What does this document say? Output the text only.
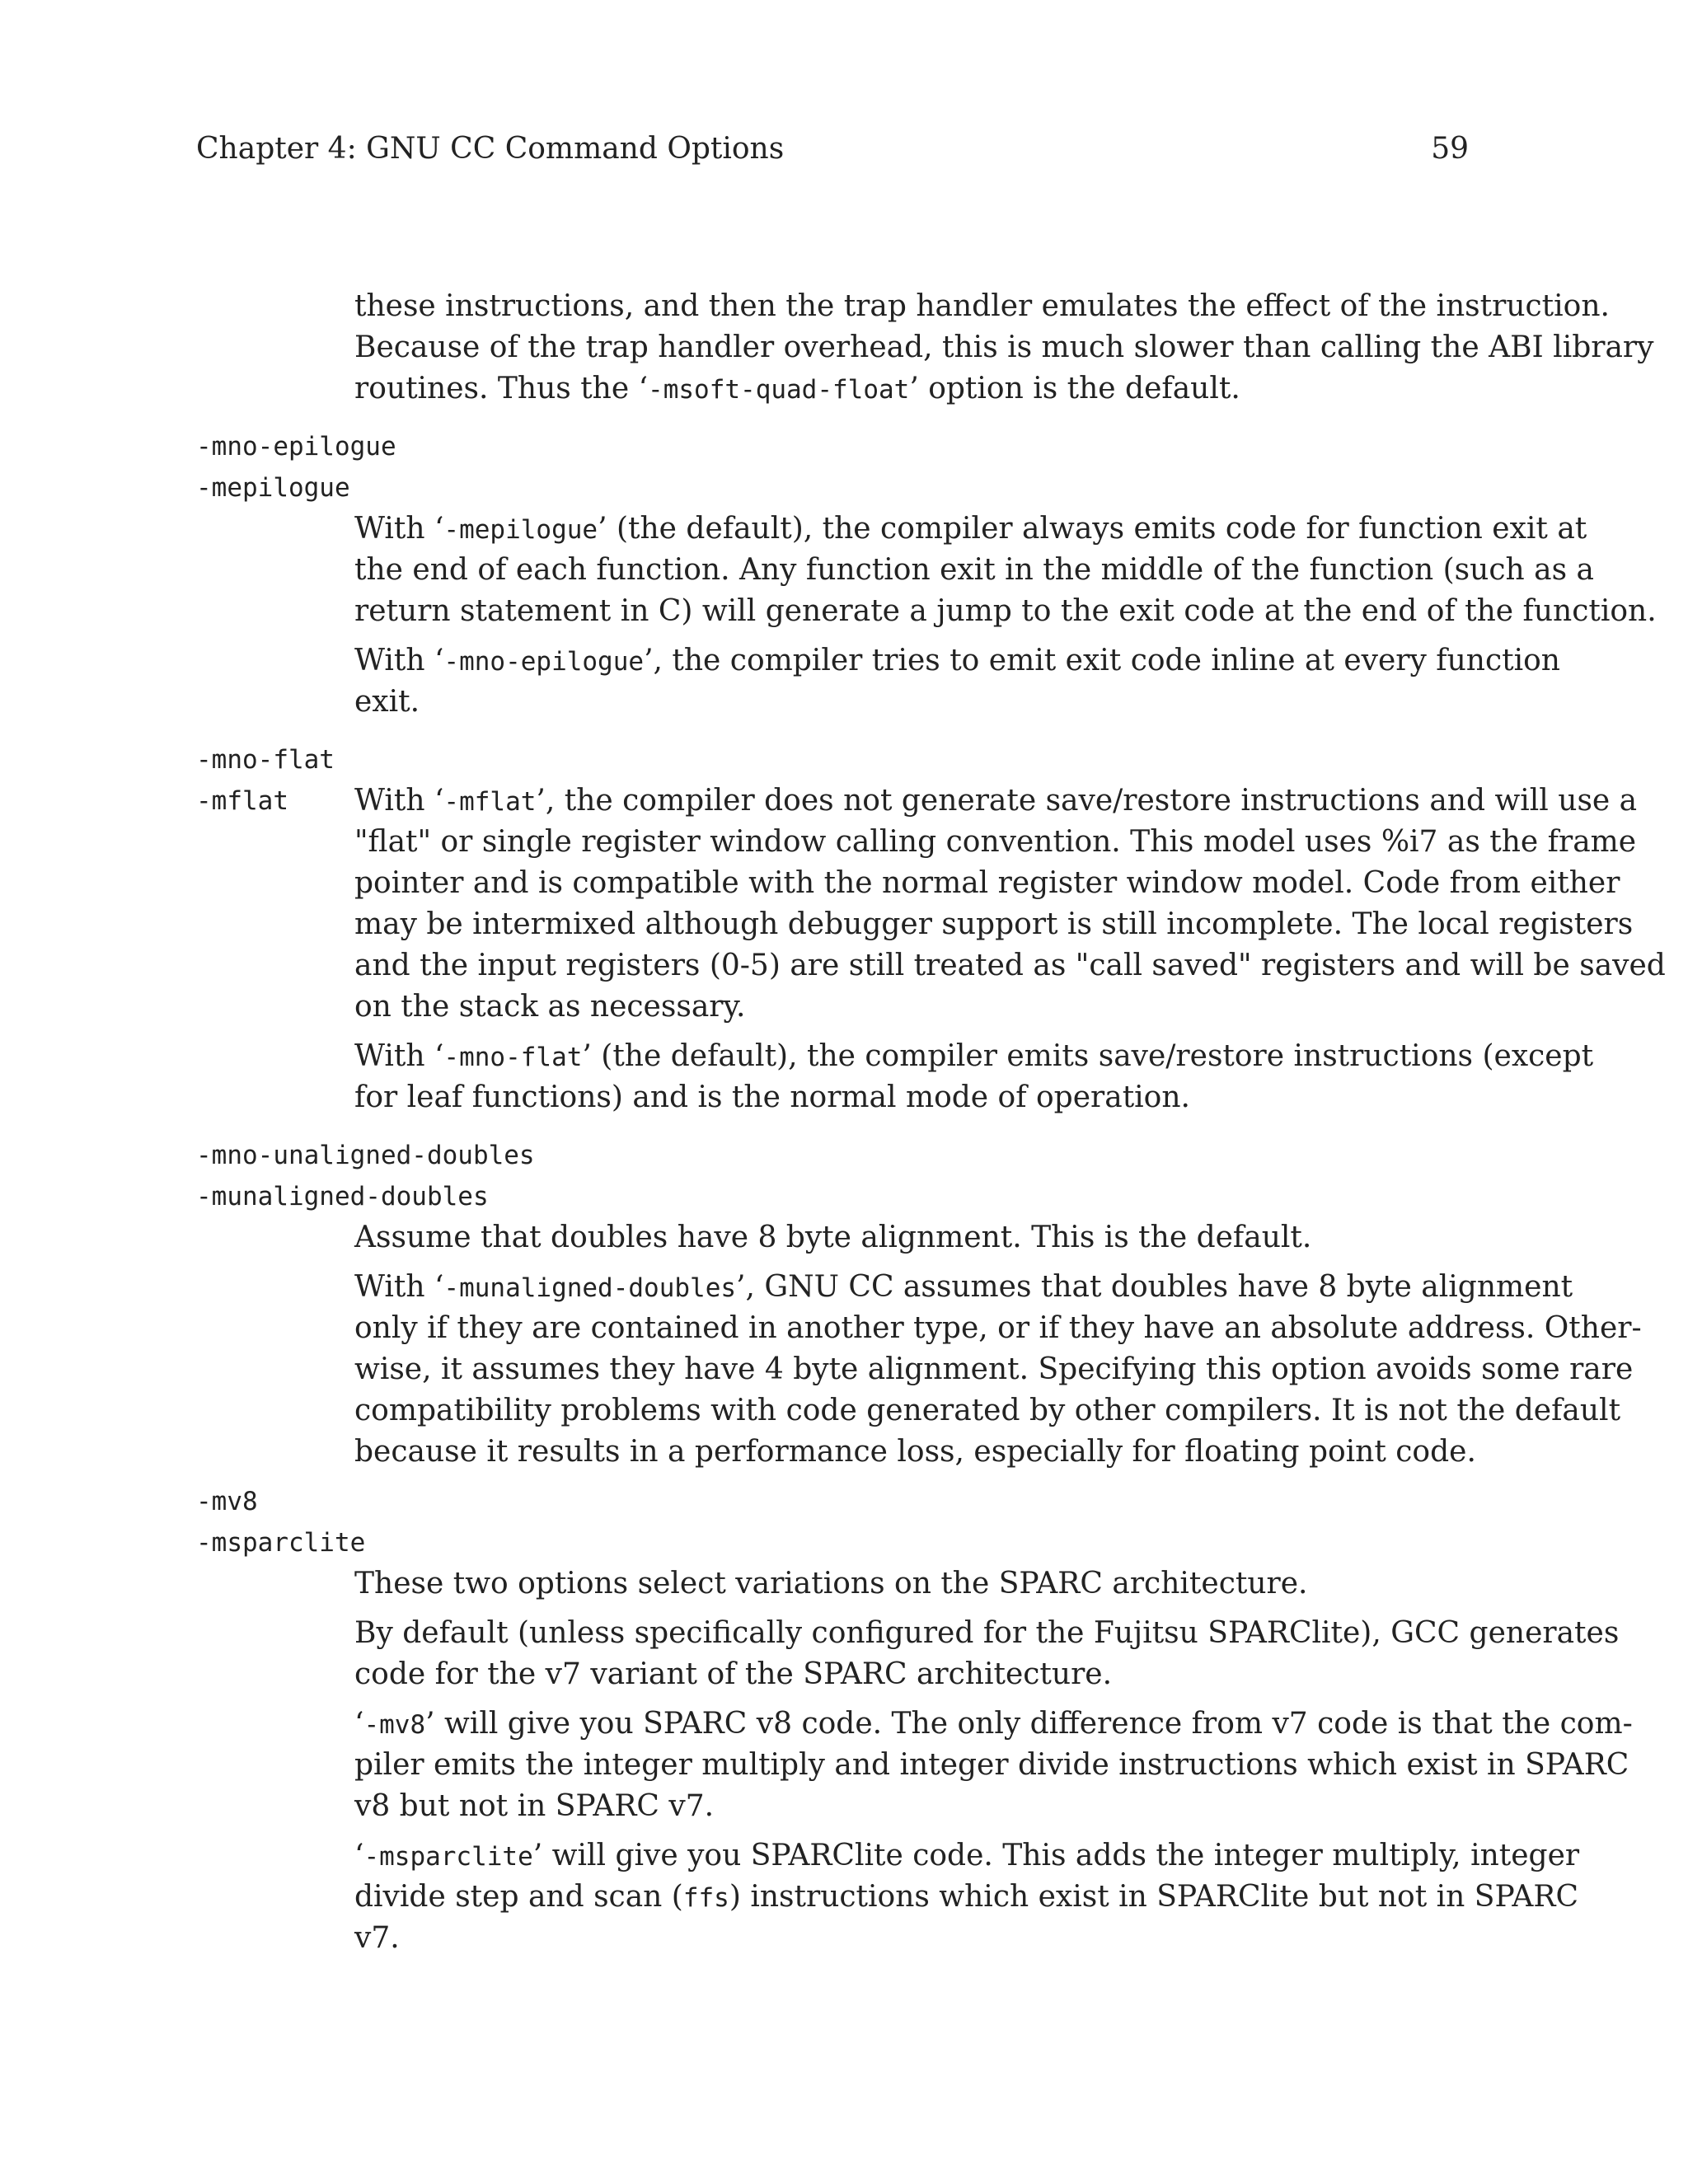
Chapter 4: GNU CC Command Options	59
these instructions, and then the trap handler emulates the effect of the instruction.
Because of the trap handler overhead, this is much slower than calling the ABI library
routines. Thus the ‘-msoft-quad-float’ option is the default.
-mno-epilogue
-mepilogue
With ‘-mepilogue’ (the default), the compiler always emits code for function exit at
the end of each function. Any function exit in the middle of the function (such as a
return statement in C) will generate a jump to the exit code at the end of the function.
With ‘-mno-epilogue’, the compiler tries to emit exit code inline at every function
exit.
-mno-flat
-mflat With ‘-mflat’, the compiler does not generate save/restore instructions and will use a
"flat" or single register window calling convention. This model uses %i7 as the frame
pointer and is compatible with the normal register window model. Code from either
may be intermixed although debugger support is still incomplete. The local registers
and the input registers (0-5) are still treated as "call saved" registers and will be saved
on the stack as necessary.
With ‘-mno-flat’ (the default), the compiler emits save/restore instructions (except
for leaf functions) and is the normal mode of operation.
-mno-unaligned-doubles
-munaligned-doubles
Assume that doubles have 8 byte alignment. This is the default.
With ‘-munaligned-doubles’, GNU CC assumes that doubles have 8 byte alignment
only if they are contained in another type, or if they have an absolute address. Other-
wise, it assumes they have 4 byte alignment. Specifying this option avoids some rare
compatibility problems with code generated by other compilers. It is not the default
because it results in a performance loss, especially for floating point code.
-mv8
-msparclite
These two options select variations on the SPARC architecture.
By default (unless specifically configured for the Fujitsu SPARClite), GCC generates
code for the v7 variant of the SPARC architecture.
‘-mv8’ will give you SPARC v8 code. The only difference from v7 code is that the com-
piler emits the integer multiply and integer divide instructions which exist in SPARC
v8 but not in SPARC v7.
‘-msparclite’ will give you SPARClite code. This adds the integer multiply, integer
divide step and scan (ffs) instructions which exist in SPARClite but not in SPARC
v7.
